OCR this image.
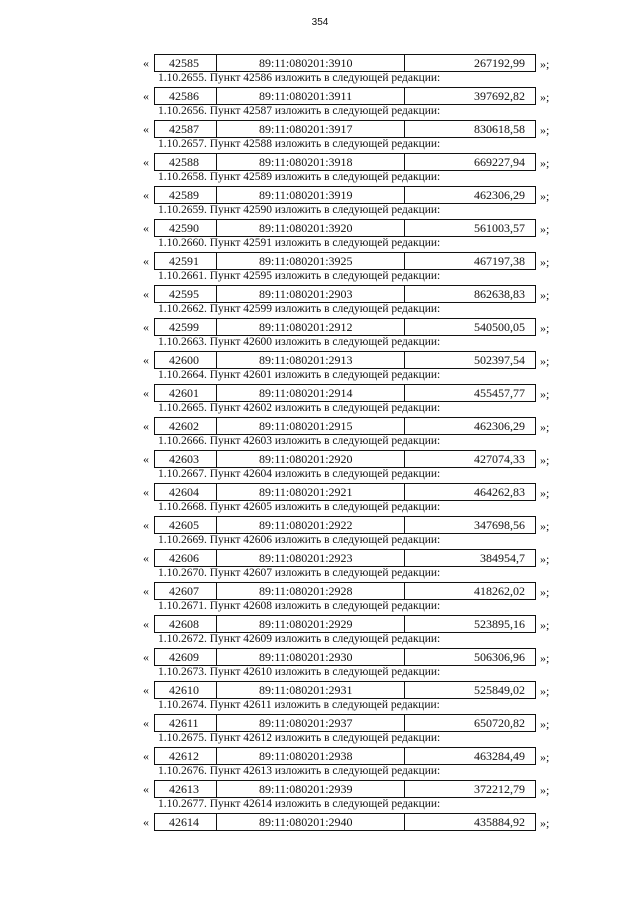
354
«	42585	89:11:080201:3910	267192,99	»;
1.10.2655. Пункт 42586 изложить в следующей редакции:
«	42586	89:11:080201:3911	397692,82	»;
1.10.2656. Пункт 42587 изложить в следующей редакции:
«	42587	89:11:080201:3917	830618,58	»;
1.10.2657. Пункт 42588 изложить в следующей редакции:
«	42588	89:11:080201:3918	669227,94	»;
1.10.2658. Пункт 42589 изложить в следующей редакции:
«	42589	89:11:080201:3919	462306,29	»;
1.10.2659. Пункт 42590 изложить в следующей редакции:
«	42590	89:11:080201:3920	561003,57	»;
1.10.2660. Пункт 42591 изложить в следующей редакции:
«	42591	89:11:080201:3925	467197,38	»;
1.10.2661. Пункт 42595 изложить в следующей редакции:
«	42595	89:11:080201:2903	862638,83	»;
1.10.2662. Пункт 42599 изложить в следующей редакции:
«	42599	89:11:080201:2912	540500,05	»;
1.10.2663. Пункт 42600 изложить в следующей редакции:
«	42600	89:11:080201:2913	502397,54	»;
1.10.2664. Пункт 42601 изложить в следующей редакции:
«	42601	89:11:080201:2914	455457,77	»;
1.10.2665. Пункт 42602 изложить в следующей редакции:
«	42602	89:11:080201:2915	462306,29	»;
1.10.2666. Пункт 42603 изложить в следующей редакции:
«	42603	89:11:080201:2920	427074,33	»;
1.10.2667. Пункт 42604 изложить в следующей редакции:
«	42604	89:11:080201:2921	464262,83	»;
1.10.2668. Пункт 42605 изложить в следующей редакции:
«	42605	89:11:080201:2922	347698,56	»;
1.10.2669. Пункт 42606 изложить в следующей редакции:
«	42606	89:11:080201:2923	384954,7	»;
1.10.2670. Пункт 42607 изложить в следующей редакции:
«	42607	89:11:080201:2928	418262,02	»;
1.10.2671. Пункт 42608 изложить в следующей редакции:
«	42608	89:11:080201:2929	523895,16	»;
1.10.2672. Пункт 42609 изложить в следующей редакции:
«	42609	89:11:080201:2930	506306,96	»;
1.10.2673. Пункт 42610 изложить в следующей редакции:
«	42610	89:11:080201:2931	525849,02	»;
1.10.2674. Пункт 42611 изложить в следующей редакции:
«	42611	89:11:080201:2937	650720,82	»;
1.10.2675. Пункт 42612 изложить в следующей редакции:
«	42612	89:11:080201:2938	463284,49	»;
1.10.2676. Пункт 42613 изложить в следующей редакции:
«	42613	89:11:080201:2939	372212,79	»;
1.10.2677. Пункт 42614 изложить в следующей редакции:
«	42614	89:11:080201:2940	435884,92	»;
